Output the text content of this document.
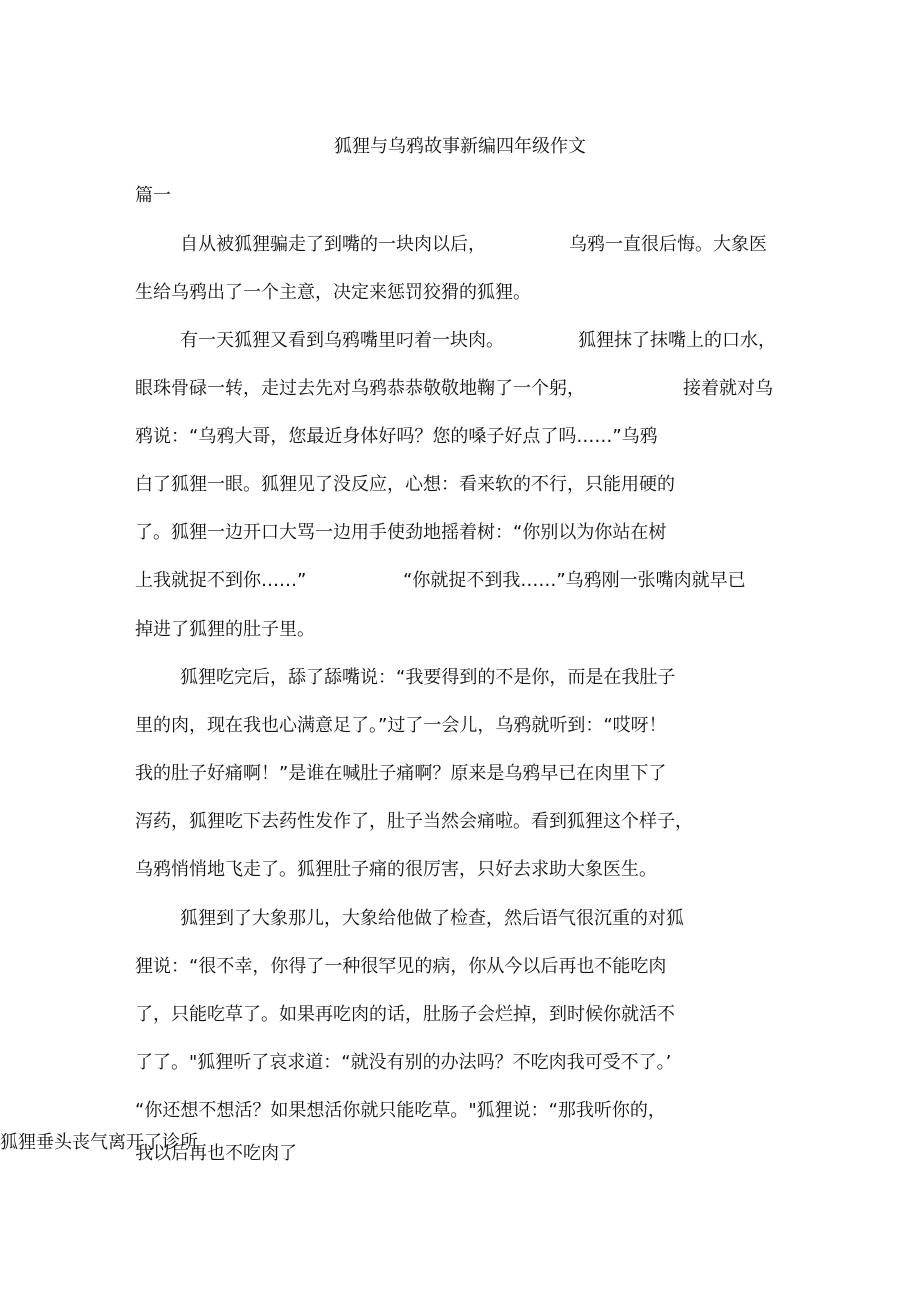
狐狸与乌鸦故事新编四年级作文
篇一
自从被狐狸骗走了到嘴的一块肉以后，	乌鸦一直很后悔。大象医
生给乌鸦出了一个主意，决定来惩罚狡猾的狐狸。
有一天狐狸又看到乌鸦嘴里叼着一块肉。	狐狸抹了抹嘴上的口水，
眼珠骨碌一转，走过去先对乌鸦恭恭敬敬地鞠了一个躬，	接着就对乌
鸦说：“乌鸦大哥，您最近身体好吗？您的嗓子好点了吗……”乌鸦
白了狐狸一眼。狐狸见了没反应，心想：看来软的不行，只能用硬的
了。狐狸一边开口大骂一边用手使劲地摇着树：“你别以为你站在树
上我就捉不到你……”	“你就捉不到我……”乌鸦刚一张嘴肉就早已
掉进了狐狸的肚子里。
狐狸吃完后，舔了舔嘴说：“我要得到的不是你，而是在我肚子
里的肉，现在我也心满意足了。”过了一会儿，乌鸦就听到：“哎呀！
我的肚子好痛啊！”是谁在喊肚子痛啊？原来是乌鸦早已在肉里下了
泻药，狐狸吃下去药性发作了，肚子当然会痛啦。看到狐狸这个样子，
乌鸦悄悄地飞走了。狐狸肚子痛的很厉害，只好去求助大象医生。
狐狸到了大象那儿，大象给他做了检查，然后语气很沉重的对狐
狸说：“很不幸，你得了一种很罕见的病，你从今以后再也不能吃肉
了，只能吃草了。如果再吃肉的话，肚肠子会烂掉，到时候你就活不
了了。"狐狸听了哀求道：“就没有别的办法吗？不吃肉我可受不了。’
“你还想不想活？如果想活你就只能吃草。"狐狸说：“那我听你的，
我以后再也不吃肉了
狐狸垂头丧气离开了诊所
